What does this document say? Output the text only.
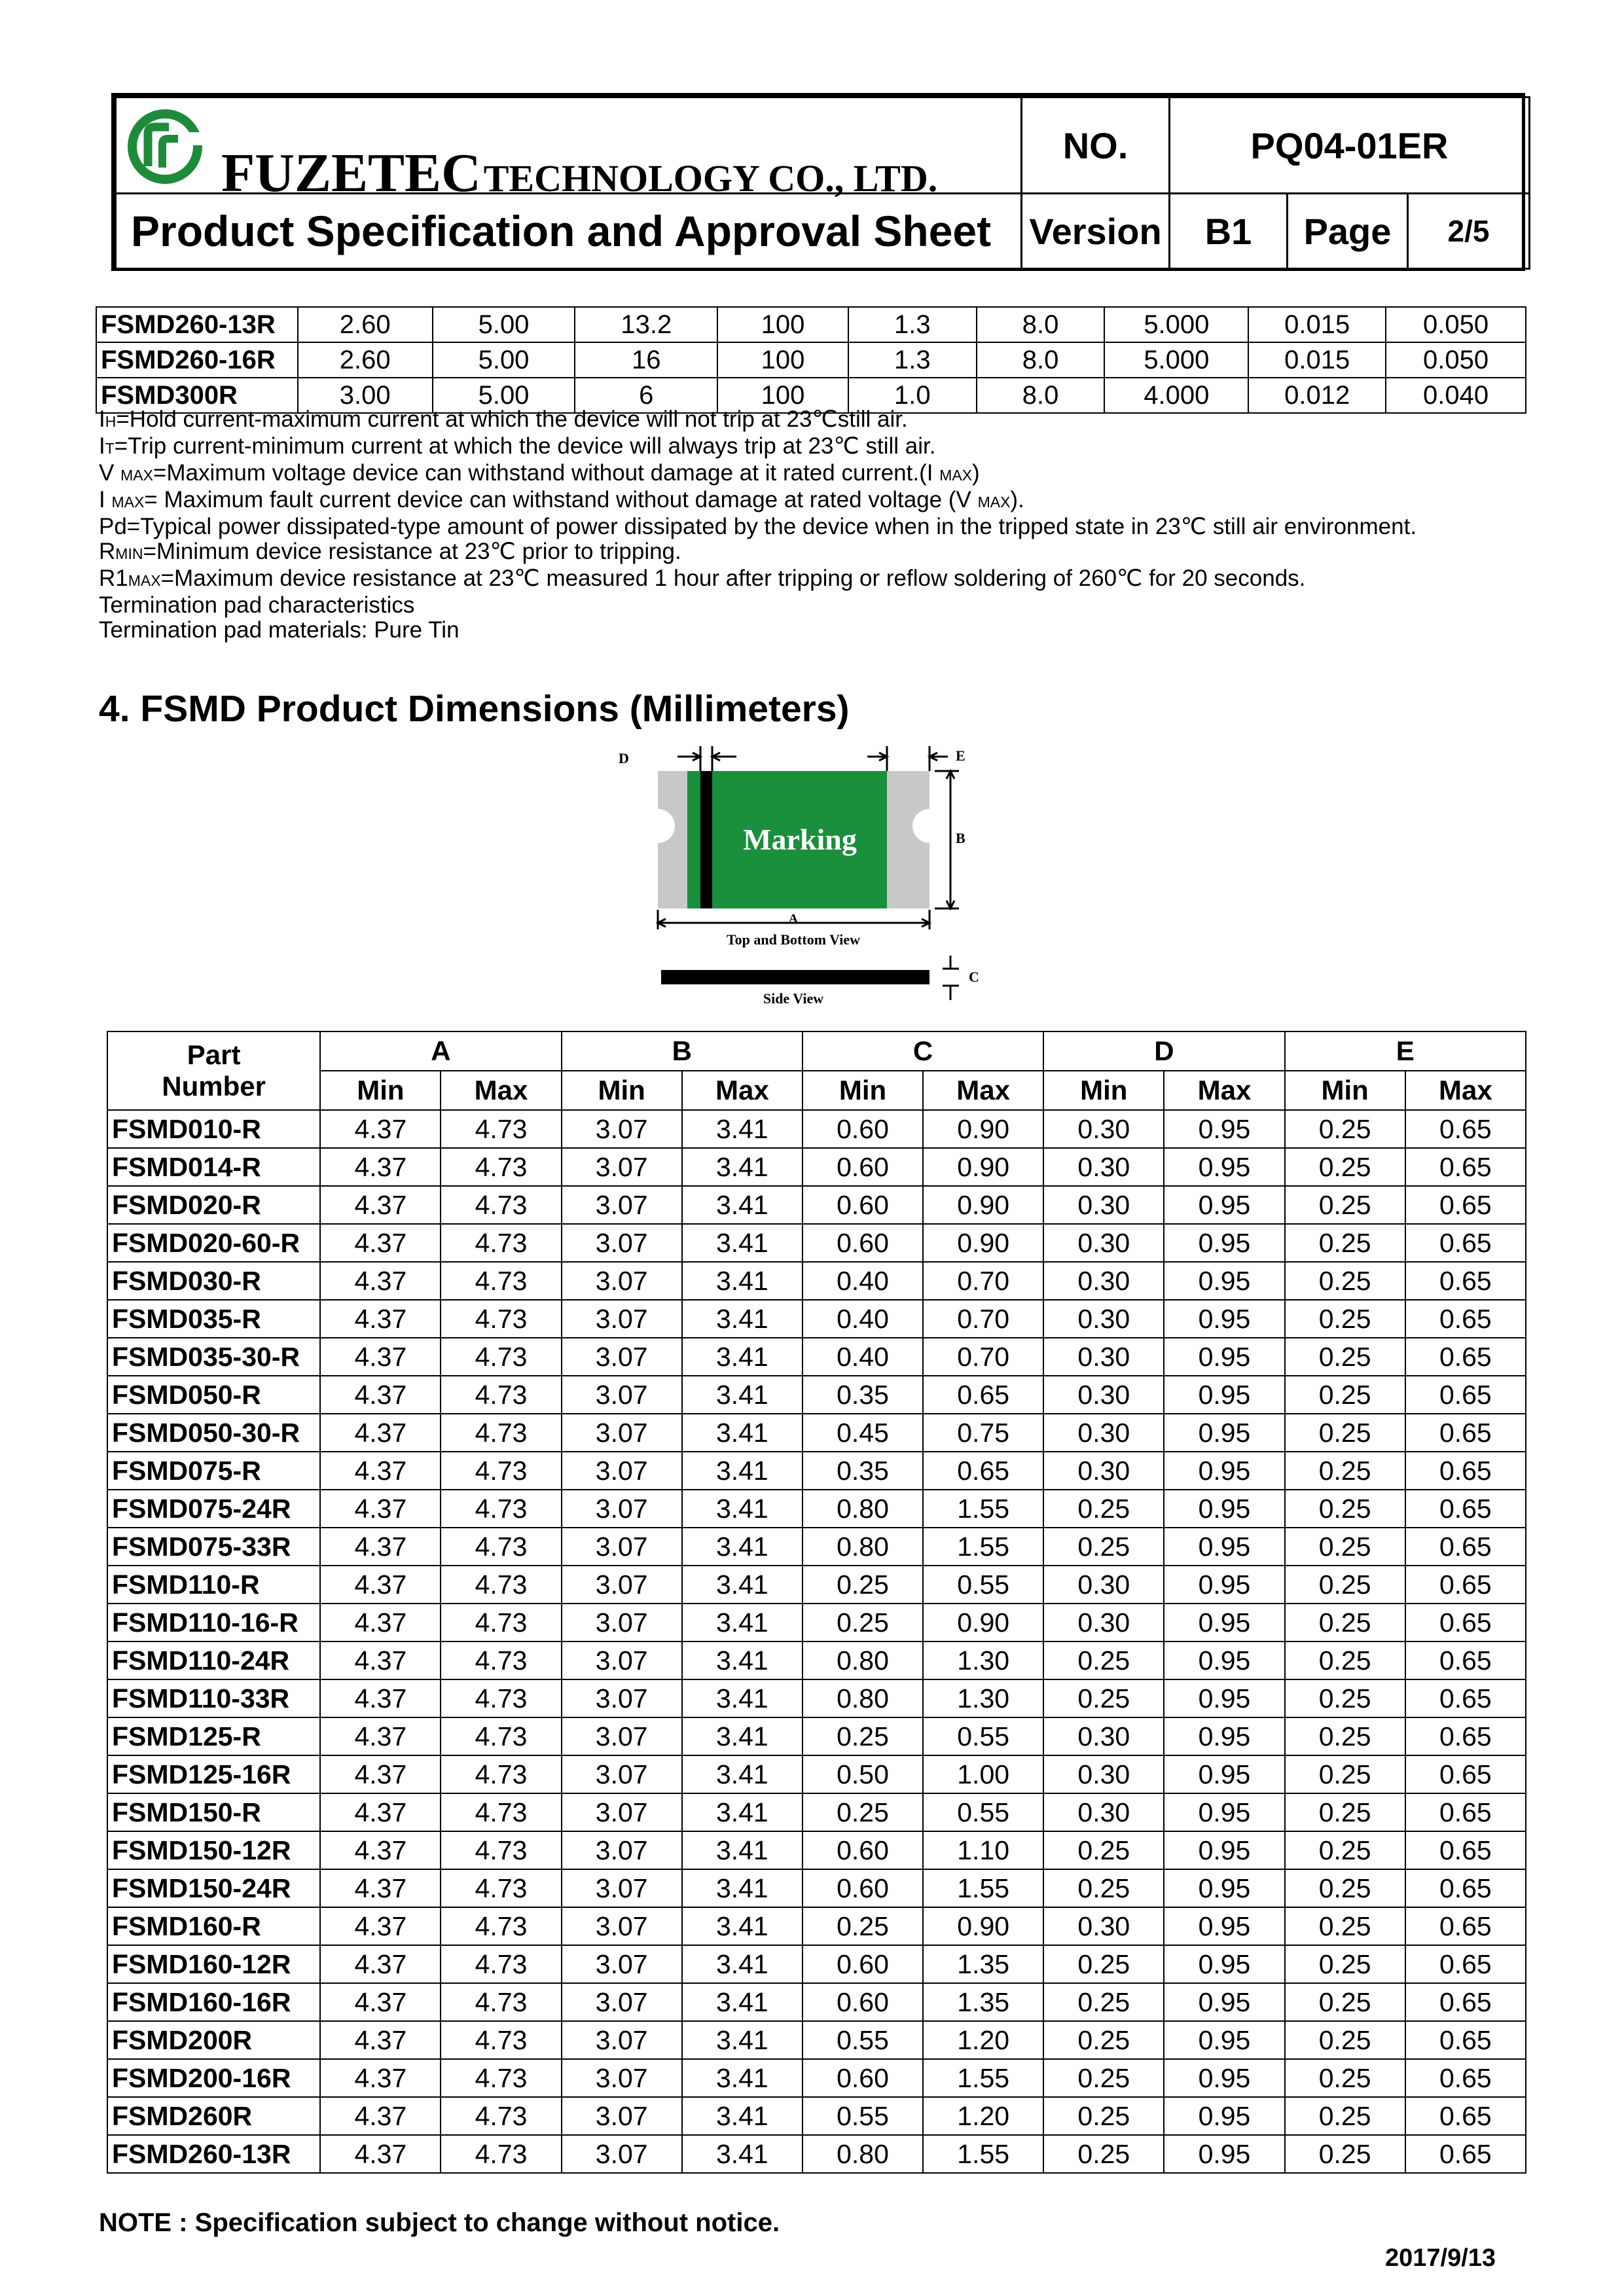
FUZETEC TECHNOLOGY CO., LTD.	NO.	PQ04-01ER		
Product Specification and Approval Sheet	Version	B1	Page	2/5
FSMD260-13R	2.60	5.00	13.2	100	1.3	8.0	5.000	0.015	0.050
FSMD260-16R	2.60	5.00	16	100	1.3	8.0	5.000	0.015	0.050
FSMD300R	3.00	5.00	6	100	1.0	8.0	4.000	0.012	0.040
IH=Hold current-maximum current at which the device will not trip at 23℃still air.
IT=Trip current-minimum current at which the device will always trip at 23℃ still air.
V MAX=Maximum voltage device can withstand without damage at it rated current.(I MAX)
I MAX= Maximum fault current device can withstand without damage at rated voltage (V MAX).
Pd=Typical power dissipated-type amount of power dissipated by the device when in the tripped state in 23℃ still air environment.
RMIN=Minimum device resistance at 23℃ prior to tripping.
R1MAX=Maximum device resistance at 23℃ measured 1 hour after tripping or reflow soldering of 260℃ for 20 seconds.
Termination pad characteristics
Termination pad materials: Pure Tin
4. FSMD Product Dimensions (Millimeters)
Marking
D	E
B
A
Top and Bottom View
C
Side View
Part
Number	A		B		C		D		E	
	Min	Max	Min	Max	Min	Max	Min	Max	Min	Max
FSMD010-R	4.37	4.73	3.07	3.41	0.60	0.90	0.30	0.95	0.25	0.65
FSMD014-R	4.37	4.73	3.07	3.41	0.60	0.90	0.30	0.95	0.25	0.65
FSMD020-R	4.37	4.73	3.07	3.41	0.60	0.90	0.30	0.95	0.25	0.65
FSMD020-60-R	4.37	4.73	3.07	3.41	0.60	0.90	0.30	0.95	0.25	0.65
FSMD030-R	4.37	4.73	3.07	3.41	0.40	0.70	0.30	0.95	0.25	0.65
FSMD035-R	4.37	4.73	3.07	3.41	0.40	0.70	0.30	0.95	0.25	0.65
FSMD035-30-R	4.37	4.73	3.07	3.41	0.40	0.70	0.30	0.95	0.25	0.65
FSMD050-R	4.37	4.73	3.07	3.41	0.35	0.65	0.30	0.95	0.25	0.65
FSMD050-30-R	4.37	4.73	3.07	3.41	0.45	0.75	0.30	0.95	0.25	0.65
FSMD075-R	4.37	4.73	3.07	3.41	0.35	0.65	0.30	0.95	0.25	0.65
FSMD075-24R	4.37	4.73	3.07	3.41	0.80	1.55	0.25	0.95	0.25	0.65
FSMD075-33R	4.37	4.73	3.07	3.41	0.80	1.55	0.25	0.95	0.25	0.65
FSMD110-R	4.37	4.73	3.07	3.41	0.25	0.55	0.30	0.95	0.25	0.65
FSMD110-16-R	4.37	4.73	3.07	3.41	0.25	0.90	0.30	0.95	0.25	0.65
FSMD110-24R	4.37	4.73	3.07	3.41	0.80	1.30	0.25	0.95	0.25	0.65
FSMD110-33R	4.37	4.73	3.07	3.41	0.80	1.30	0.25	0.95	0.25	0.65
FSMD125-R	4.37	4.73	3.07	3.41	0.25	0.55	0.30	0.95	0.25	0.65
FSMD125-16R	4.37	4.73	3.07	3.41	0.50	1.00	0.30	0.95	0.25	0.65
FSMD150-R	4.37	4.73	3.07	3.41	0.25	0.55	0.30	0.95	0.25	0.65
FSMD150-12R	4.37	4.73	3.07	3.41	0.60	1.10	0.25	0.95	0.25	0.65
FSMD150-24R	4.37	4.73	3.07	3.41	0.60	1.55	0.25	0.95	0.25	0.65
FSMD160-R	4.37	4.73	3.07	3.41	0.25	0.90	0.30	0.95	0.25	0.65
FSMD160-12R	4.37	4.73	3.07	3.41	0.60	1.35	0.25	0.95	0.25	0.65
FSMD160-16R	4.37	4.73	3.07	3.41	0.60	1.35	0.25	0.95	0.25	0.65
FSMD200R	4.37	4.73	3.07	3.41	0.55	1.20	0.25	0.95	0.25	0.65
FSMD200-16R	4.37	4.73	3.07	3.41	0.60	1.55	0.25	0.95	0.25	0.65
FSMD260R	4.37	4.73	3.07	3.41	0.55	1.20	0.25	0.95	0.25	0.65
FSMD260-13R	4.37	4.73	3.07	3.41	0.80	1.55	0.25	0.95	0.25	0.65
NOTE : Specification subject to change without notice.
2017/9/13
